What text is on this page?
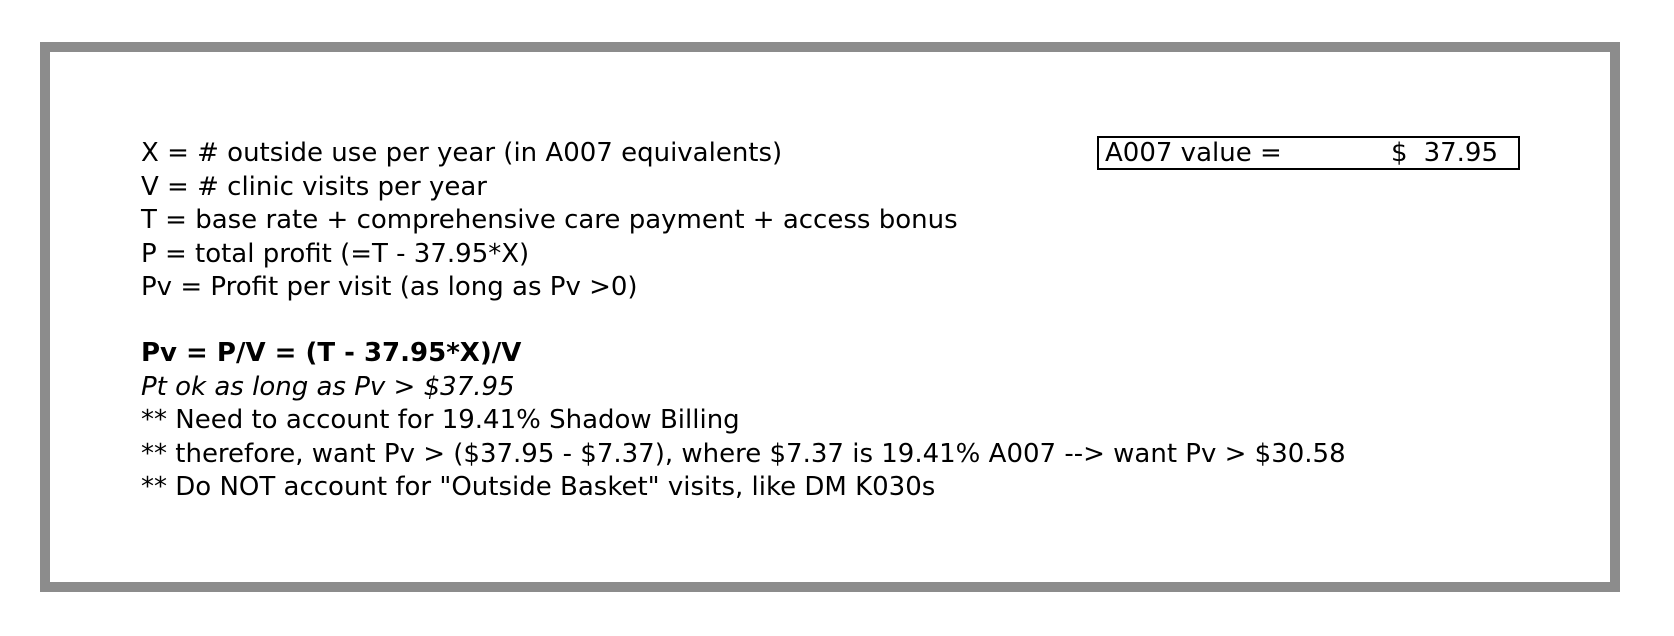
X = # outside use per year (in A007 equivalents)
V = # clinic visits per year
T = base rate + comprehensive care payment + access bonus
P = total profit (=T - 37.95*X)
Pv = Profit per visit (as long as Pv >0)
A007 value =	$ 37.95
Pv = P/V = (T - 37.95*X)/V
Pt ok as long as Pv > $37.95
** Need to account for 19.41% Shadow Billing
** therefore, want Pv > ($37.95 - $7.37), where $7.37 is 19.41% A007 --> want Pv > $30.58
** Do NOT account for "Outside Basket" visits, like DM K030s
